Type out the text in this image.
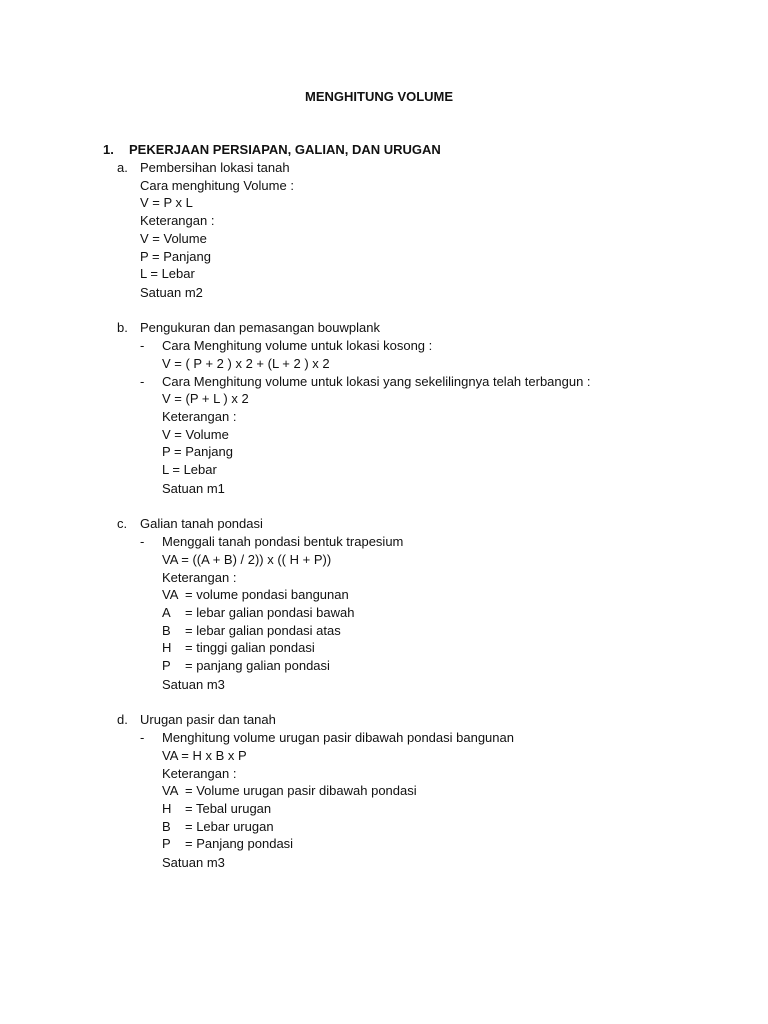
MENGHITUNG VOLUME
1. PEKERJAAN PERSIAPAN, GALIAN, DAN URUGAN
a. Pembersihan lokasi tanah
Cara menghitung Volume :
V = P x L
Keterangan :
V = Volume
P = Panjang
L = Lebar
Satuan m2
b. Pengukuran dan pemasangan bouwplank
- Cara Menghitung volume untuk lokasi kosong :
V = ( P + 2 ) x 2 + (L + 2 ) x 2
- Cara Menghitung volume untuk lokasi yang sekelilingnya telah terbangun :
V = (P + L ) x 2
Keterangan :
V = Volume
P = Panjang
L = Lebar
Satuan m1
c. Galian tanah pondasi
- Menggali tanah pondasi bentuk trapesium
VA = ((A + B) / 2)) x (( H + P))
Keterangan :
VA = volume pondasi bangunan
A = lebar galian pondasi bawah
B = lebar galian pondasi atas
H = tinggi galian pondasi
P = panjang galian pondasi
Satuan m3
d. Urugan pasir dan tanah
- Menghitung volume urugan pasir dibawah pondasi bangunan
VA = H x B x P
Keterangan :
VA = Volume urugan pasir dibawah pondasi
H = Tebal urugan
B = Lebar urugan
P = Panjang pondasi
Satuan m3
